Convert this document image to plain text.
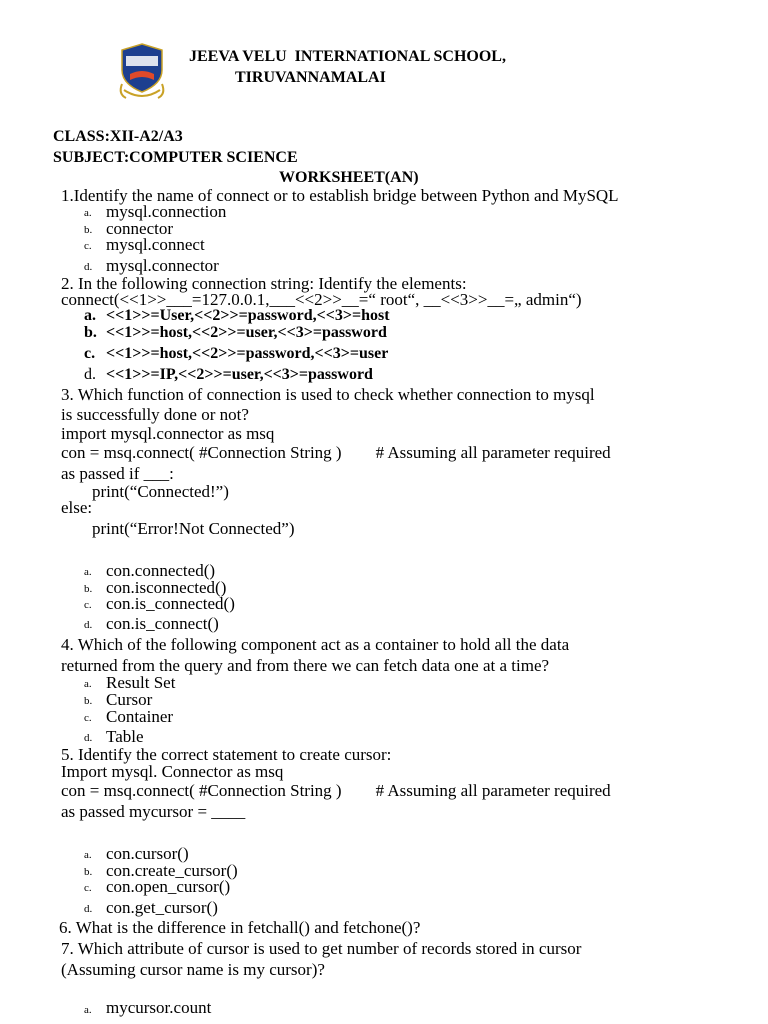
JEEVA VELU  INTERNATIONAL SCHOOL,
TIRUVANNAMALAI
CLASS:XII-A2/A3
SUBJECT:COMPUTER SCIENCE
WORKSHEET(AN)
1.Identify the name of connect or to establish bridge between Python and MySQL
a. mysql.connection
b. connector
c. mysql.connect
d. mysql.connector
2. In the following connection string: Identify the elements:
connect(<<1>>___=127.0.0.1,___<<2>>__=“ root“, __<<3>>__=„ admin“)
a. <<1>>=User,<<2>>=password,<<3>=host
b. <<1>>=host,<<2>>=user,<<3>=password
c. <<1>>=host,<<2>>=password,<<3>=user
d. <<1>>=IP,<<2>>=user,<<3>=password
3. Which function of connection is used to check whether connection to mysql
is successfully done or not?
import mysql.connector as msq
con = msq.connect( #Connection String )        # Assuming all parameter required
as passed if ___:
print(“Connected!”)
else:
print(“Error!Not Connected”)
a. con.connected()
b. con.isconnected()
c. con.is_connected()
d. con.is_connect()
4. Which of the following component act as a container to hold all the data
returned from the query and from there we can fetch data one at a time?
a. Result Set
b. Cursor
c. Container
d. Table
5. Identify the correct statement to create cursor:
Import mysql. Connector as msq
con = msq.connect( #Connection String )        # Assuming all parameter required
as passed mycursor = ____
a. con.cursor()
b. con.create_cursor()
c. con.open_cursor()
d. con.get_cursor()
6. What is the difference in fetchall() and fetchone()?
7. Which attribute of cursor is used to get number of records stored in cursor
(Assuming cursor name is my cursor)?
a. mycursor.count
